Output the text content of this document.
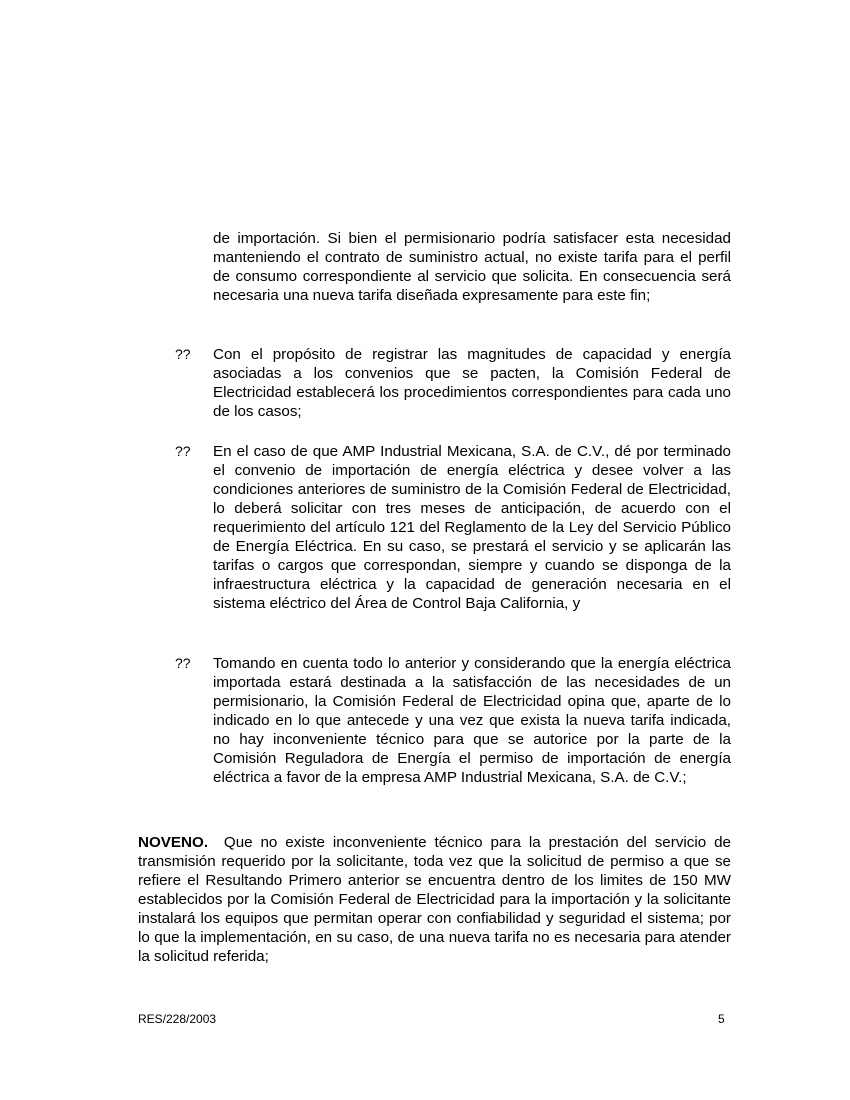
de importación. Si bien el permisionario podría satisfacer esta necesidad manteniendo el contrato de suministro actual, no existe tarifa para el perfil de consumo correspondiente al servicio que solicita. En consecuencia será necesaria una nueva tarifa diseñada expresamente para este fin;
?? Con el propósito de registrar las magnitudes de capacidad y energía asociadas a los convenios que se pacten, la Comisión Federal de Electricidad establecerá los procedimientos correspondientes para cada uno de los casos;
?? En el caso de que AMP Industrial Mexicana, S.A. de C.V., dé por terminado el convenio de importación de energía eléctrica y desee volver a las condiciones anteriores de suministro de la Comisión Federal de Electricidad, lo deberá solicitar con tres meses de anticipación, de acuerdo con el requerimiento del artículo 121 del Reglamento de la Ley del Servicio Público de Energía Eléctrica. En su caso, se prestará el servicio y se aplicarán las tarifas o cargos que correspondan, siempre y cuando se disponga de la infraestructura eléctrica y la capacidad de generación necesaria en el sistema eléctrico del Área de Control Baja California, y
?? Tomando en cuenta todo lo anterior y considerando que la energía eléctrica importada estará destinada a la satisfacción de las necesidades de un permisionario, la Comisión Federal de Electricidad opina que, aparte de lo indicado en lo que antecede y una vez que exista la nueva tarifa indicada, no hay inconveniente técnico para que se autorice por la parte de la Comisión Reguladora de Energía el permiso de importación de energía eléctrica a favor de la empresa AMP Industrial Mexicana, S.A. de C.V.;
NOVENO. Que no existe inconveniente técnico para la prestación del servicio de transmisión requerido por la solicitante, toda vez que la solicitud de permiso a que se refiere el Resultando Primero anterior se encuentra dentro de los limites de 150 MW establecidos por la Comisión Federal de Electricidad para la importación y la solicitante instalará los equipos que permitan operar con confiabilidad y seguridad el sistema; por lo que la implementación, en su caso, de una nueva tarifa no es necesaria para atender la solicitud referida;
RES/228/2003	5
